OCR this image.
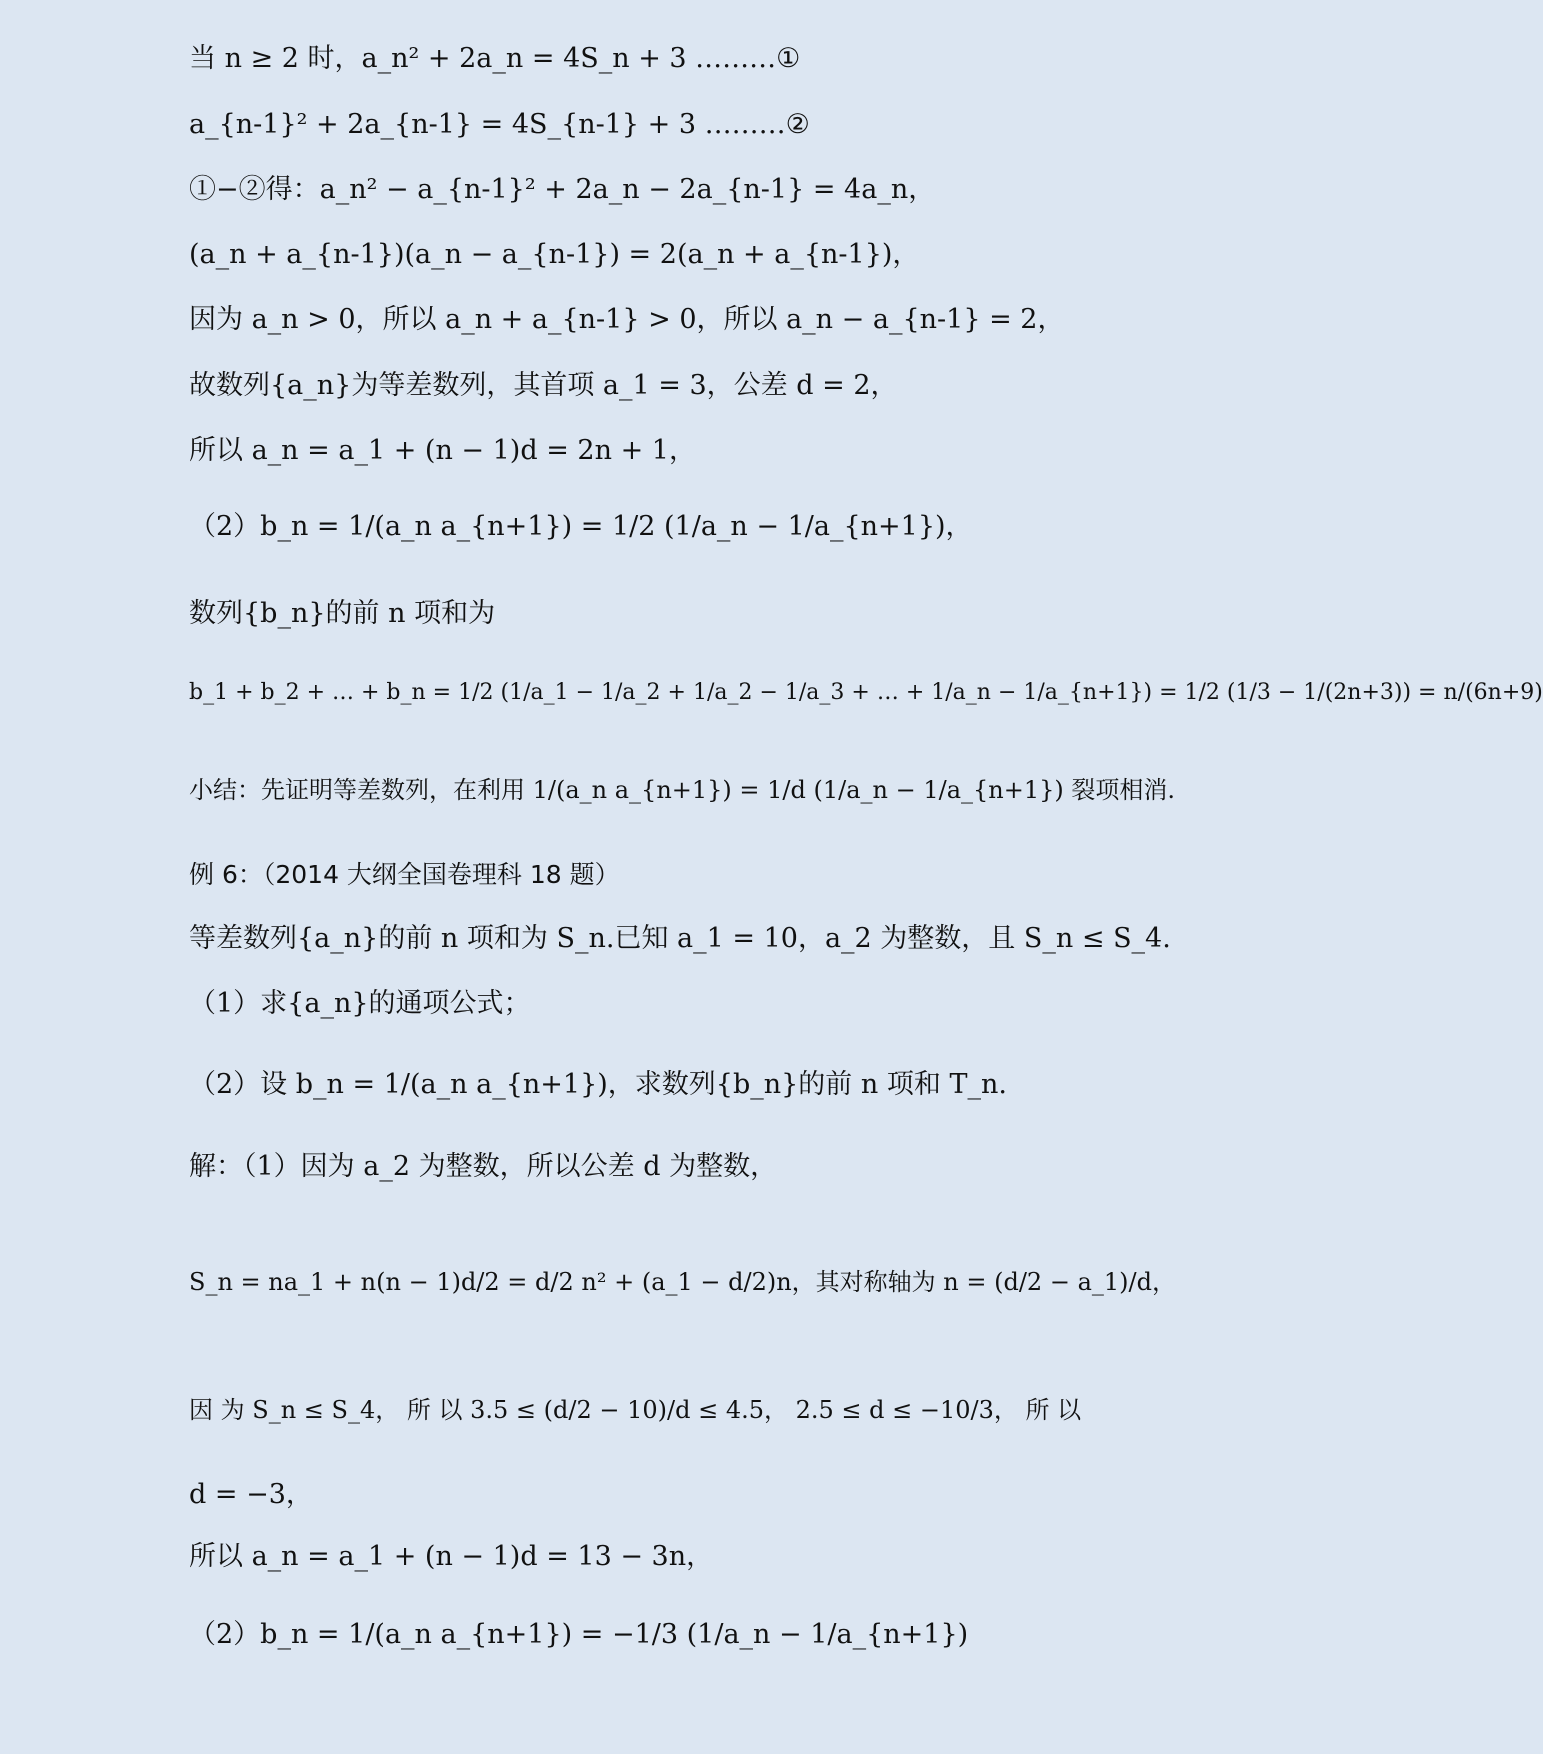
当 n ≥ 2 时，a_n² + 2a_n = 4S_n + 3 ………①
a_{n-1}² + 2a_{n-1} = 4S_{n-1} + 3 ………②
①−②得：a_n² − a_{n-1}² + 2a_n − 2a_{n-1} = 4a_n，
(a_n + a_{n-1})(a_n − a_{n-1}) = 2(a_n + a_{n-1})，
因为 a_n > 0，所以 a_n + a_{n-1} > 0，所以 a_n − a_{n-1} = 2，
故数列{a_n}为等差数列，其首项 a_1 = 3，公差 d = 2，
所以 a_n = a_1 + (n − 1)d = 2n + 1，
（2）b_n = 1/(a_n a_{n+1}) = 1/2 (1/a_n − 1/a_{n+1})，
数列{b_n}的前 n 项和为
b_1 + b_2 + … + b_n = 1/2 (1/a_1 − 1/a_2 + 1/a_2 − 1/a_3 + … + 1/a_n − 1/a_{n+1}) = 1/2 (1/3 − 1/(2n+3)) = n/(6n+9)
小结：先证明等差数列，在利用 1/(a_n a_{n+1}) = 1/d (1/a_n − 1/a_{n+1}) 裂项相消.
例 6：（2014 大纲全国卷理科 18 题）
等差数列{a_n}的前 n 项和为 S_n.已知 a_1 = 10，a_2 为整数，且 S_n ≤ S_4.
（1）求{a_n}的通项公式；
（2）设 b_n = 1/(a_n a_{n+1})，求数列{b_n}的前 n 项和 T_n.
解：（1）因为 a_2 为整数，所以公差 d 为整数，
S_n = na_1 + n(n − 1)d/2 = d/2 n² + (a_1 − d/2)n，其对称轴为 n = (d/2 − a_1)/d，
因 为 S_n ≤ S_4， 所 以 3.5 ≤ (d/2 − 10)/d ≤ 4.5， 2.5 ≤ d ≤ −10/3， 所 以
d = −3，
所以 a_n = a_1 + (n − 1)d = 13 − 3n，
（2）b_n = 1/(a_n a_{n+1}) = −1/3 (1/a_n − 1/a_{n+1})
